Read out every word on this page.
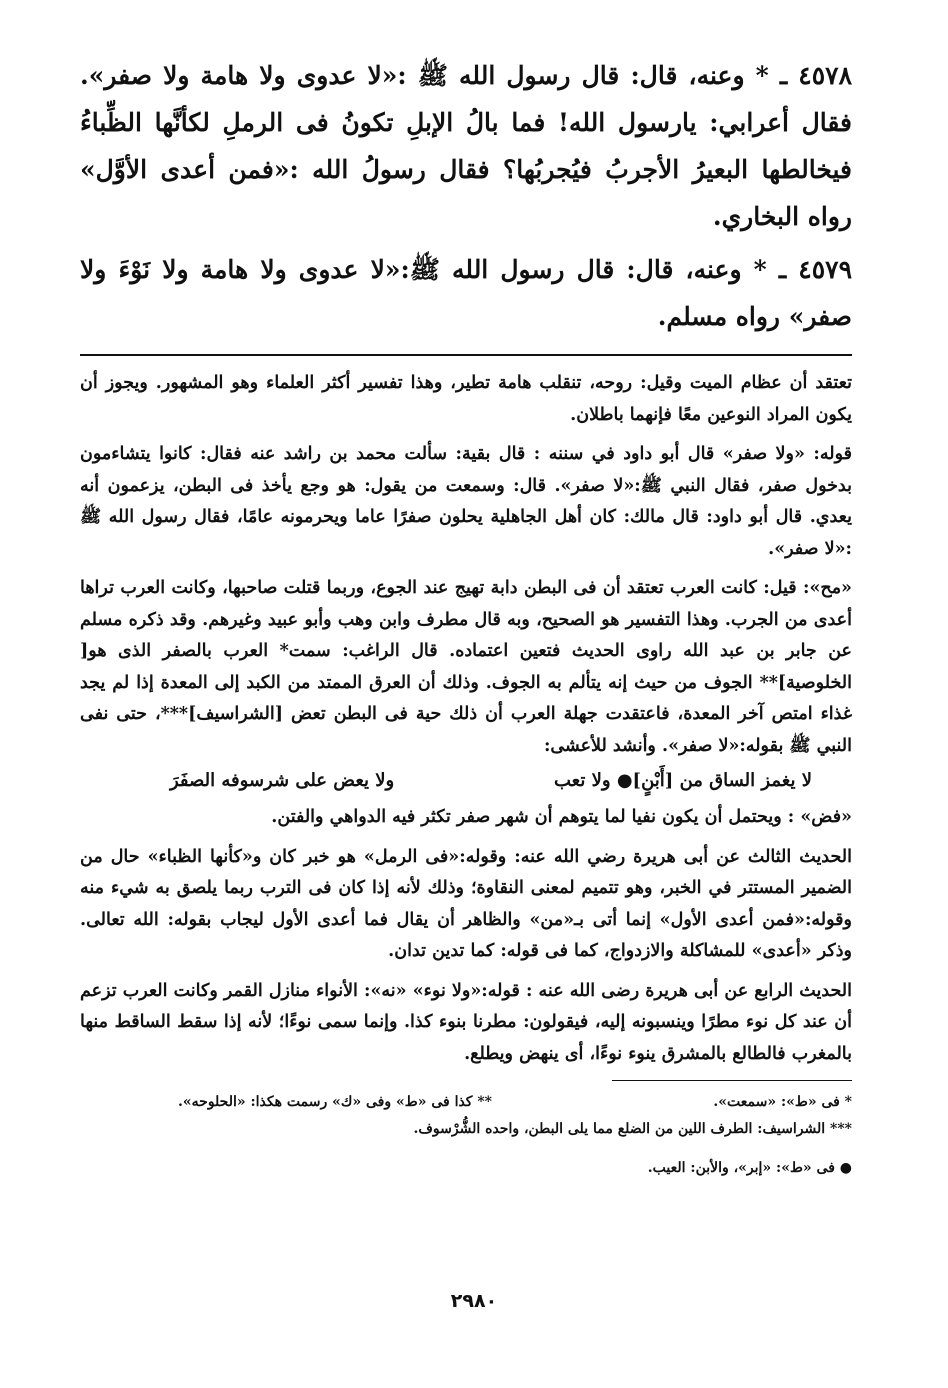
٤٥٧٨ ـ * وعنه، قال: قال رسول الله ﷺ :«لا عدوى ولا هامة ولا صفر». فقال أعرابي: يارسول الله! فما بالُ الإبلِ تكونُ فى الرملِ لكأنَّها الظِّباءُ فيخالطها البعيرُ الأجربُ فيُجربُها؟ فقال رسولُ الله :«فمن أعدى الأوَّل» رواه البخاري.

٤٥٧٩ ـ * وعنه، قال: قال رسول الله ﷺ:«لا عدوى ولا هامة ولا نَوْءَ ولا صفر» رواه مسلم.

تعتقد أن عظام الميت وقيل: روحه، تنقلب هامة تطير، وهذا تفسير أكثر العلماء وهو المشهور. ويجوز أن يكون المراد النوعين معًا فإنهما باطلان.

قوله: «ولا صفر» قال أبو داود في سننه : قال بقية: سألت محمد بن راشد عنه فقال: كانوا يتشاءمون بدخول صفر، فقال النبي ﷺ:«لا صفر». قال: وسمعت من يقول: هو وجع يأخذ فى البطن، يزعمون أنه يعدي. قال أبو داود: قال مالك: كان أهل الجاهلية يحلون صفرًا عاما ويحرمونه عامًا، فقال رسول الله ﷺ :«لا صفر».

«مح»: قيل: كانت العرب تعتقد أن فى البطن دابة تهيج عند الجوع، وربما قتلت صاحبها، وكانت العرب تراها أعدى من الجرب. وهذا التفسير هو الصحيح، وبه قال مطرف وابن وهب وأبو عبيد وغيرهم. وقد ذكره مسلم عن جابر بن عبد الله راوى الحديث فتعين اعتماده. قال الراغب: سمت* العرب بالصفر الذى هو[ الخلوصية]** الجوف من حيث إنه يتألم به الجوف. وذلك أن العرق الممتد من الكبد إلى المعدة إذا لم يجد غذاء امتص آخر المعدة، فاعتقدت جهلة العرب أن ذلك حية فى البطن تعض [الشراسيف]***، حتى نفى النبي ﷺ بقوله:«لا صفر». وأنشد للأعشى:

لا يغمز الساق من [أَبْنٍ]● ولا تعب
ولا يعض على شرسوفه الصفَرَ

«فض» : ويحتمل أن يكون نفيا لما يتوهم أن شهر صفر تكثر فيه الدواهي والفتن.

الحديث الثالث عن أبى هريرة رضي الله عنه: وقوله:«فى الرمل» هو خبر كان و«كأنها الظباء» حال من الضمير المستتر في الخبر، وهو تتميم لمعنى النقاوة؛ وذلك لأنه إذا كان فى الترب ربما يلصق به شيء منه وقوله:«فمن أعدى الأول» إنما أتى بـ«من» والظاهر أن يقال فما أعدى الأول ليجاب بقوله: الله تعالى. وذكر «أعدى» للمشاكلة والازدواج، كما فى قوله: كما تدين تدان.

الحديث الرابع عن أبى هريرة رضى الله عنه : قوله:«ولا نوء» «نه»: الأنواء منازل القمر وكانت العرب تزعم أن عند كل نوء مطرًا وينسبونه إليه، فيقولون: مطرنا بنوء كذا. وإنما سمى نوءًا؛ لأنه إذا سقط الساقط منها بالمغرب فالطالع بالمشرق ينوء نوءًا، أى ينهض ويطلع.

* فى «ط»: «سمعت».
** كذا فى «ط» وفى «ك» رسمت هكذا: «الحلوحه».
*** الشراسيف: الطرف اللين من الضلع مما يلى البطن، واحده الشُّرْسوف.
● فى «ط»: «إبر»، والأبن: العيب.
٢٩٨٠
